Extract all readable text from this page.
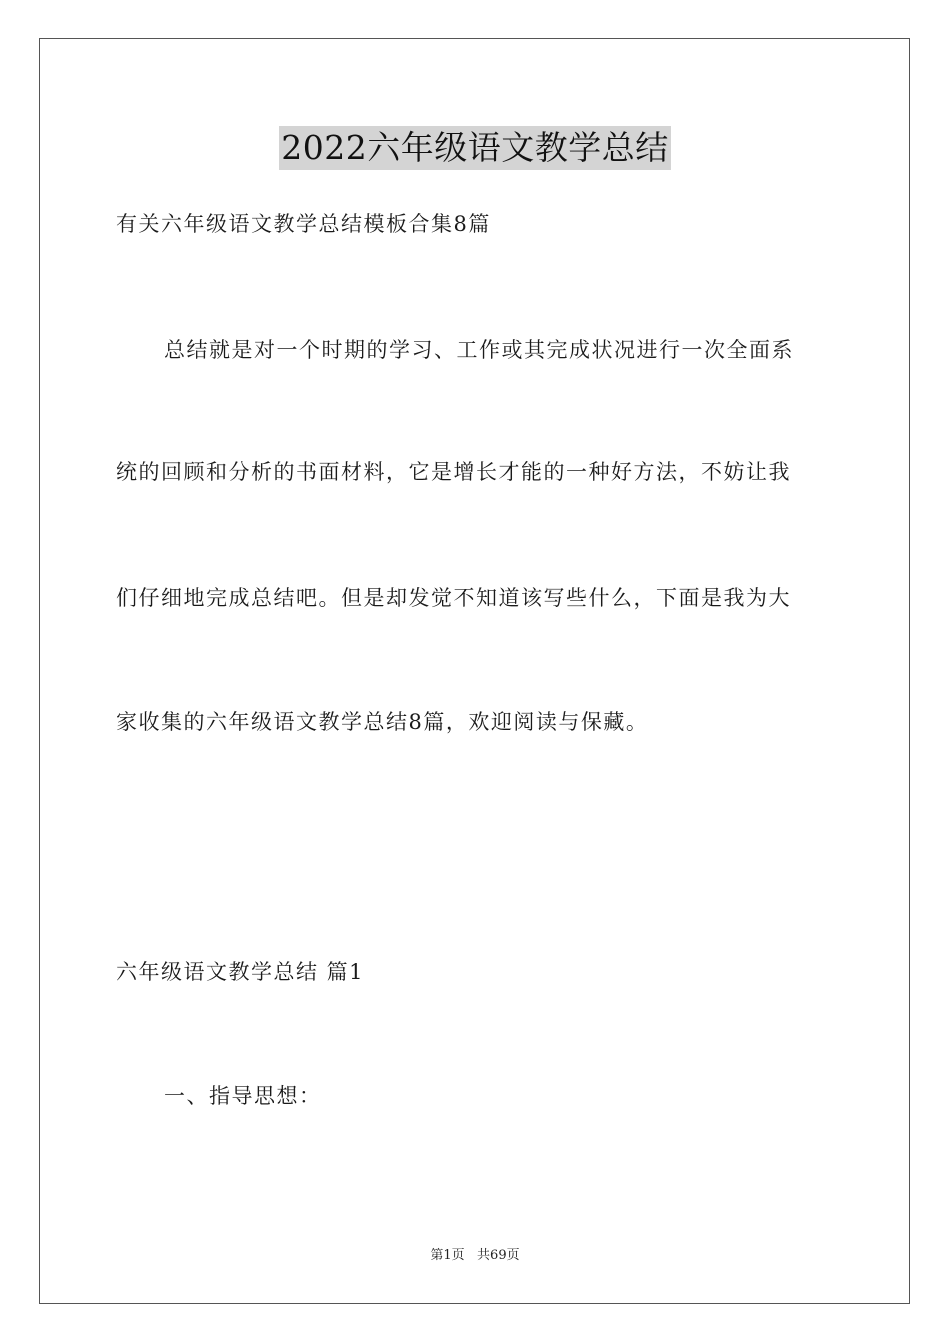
2022六年级语文教学总结
有关六年级语文教学总结模板合集8篇
总结就是对一个时期的学习、工作或其完成状况进行一次全面系
统的回顾和分析的书面材料，它是增长才能的一种好方法，不妨让我
们仔细地完成总结吧。但是却发觉不知道该写些什么，下面是我为大
家收集的六年级语文教学总结8篇，欢迎阅读与保藏。
六年级语文教学总结 篇1
一、指导思想：
第1页   共69页
